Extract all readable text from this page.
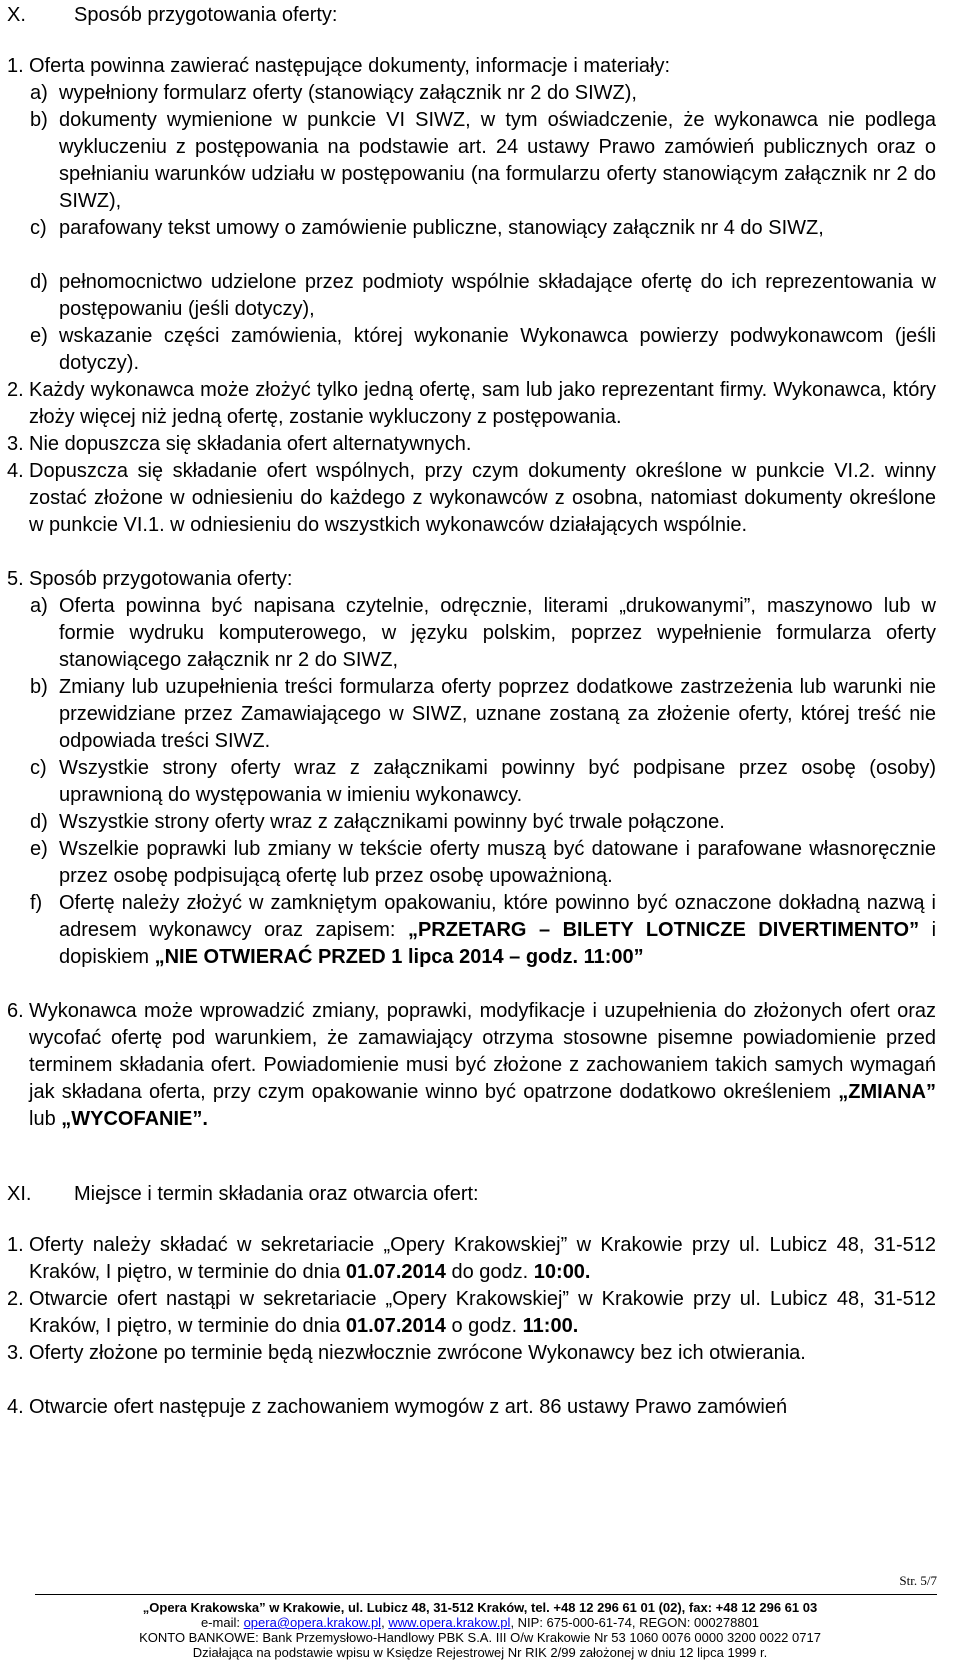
X. Sposób przygotowania oferty:
1. Oferta powinna zawierać następujące dokumenty, informacje i materiały:
a) wypełniony formularz oferty (stanowiący załącznik nr 2 do SIWZ),
b) dokumenty wymienione w punkcie VI SIWZ, w tym oświadczenie, że wykonawca nie podlega wykluczeniu z postępowania na podstawie art. 24 ustawy Prawo zamówień publicznych oraz o spełnianiu warunków udziału w postępowaniu (na formularzu oferty stanowiącym załącznik nr 2 do SIWZ),
c) parafowany tekst umowy o zamówienie publiczne, stanowiący załącznik nr 4 do SIWZ,
d) pełnomocnictwo udzielone przez podmioty wspólnie składające ofertę do ich reprezentowania w postępowaniu (jeśli dotyczy),
e) wskazanie części zamówienia, której wykonanie Wykonawca powierzy podwykonawcom (jeśli dotyczy).
2. Każdy wykonawca może złożyć tylko jedną ofertę, sam lub jako reprezentant firmy. Wykonawca, który złoży więcej niż jedną ofertę, zostanie wykluczony z postępowania.
3. Nie dopuszcza się składania ofert alternatywnych.
4. Dopuszcza się składanie ofert wspólnych, przy czym dokumenty określone w punkcie VI.2. winny zostać złożone w odniesieniu do każdego z wykonawców z osobna, natomiast dokumenty określone w punkcie VI.1. w odniesieniu do wszystkich wykonawców działających wspólnie.
5. Sposób przygotowania oferty:
a) Oferta powinna być napisana czytelnie, odręcznie, literami „drukowanymi”, maszynowo lub w formie wydruku komputerowego, w języku polskim, poprzez wypełnienie formularza oferty stanowiącego załącznik nr 2 do SIWZ,
b) Zmiany lub uzupełnienia treści formularza oferty poprzez dodatkowe zastrzeżenia lub warunki nie przewidziane przez Zamawiającego w SIWZ, uznane zostaną za złożenie oferty, której treść nie odpowiada treści SIWZ.
c) Wszystkie strony oferty wraz z załącznikami powinny być podpisane przez osobę (osoby) uprawnioną do występowania w imieniu wykonawcy.
d) Wszystkie strony oferty wraz z załącznikami powinny być trwale połączone.
e) Wszelkie poprawki lub zmiany w tekście oferty muszą być datowane i parafowane własnoręcznie przez osobę podpisującą ofertę lub przez osobę upoważnioną.
f) Ofertę należy złożyć w zamkniętym opakowaniu, które powinno być oznaczone dokładną nazwą i adresem wykonawcy oraz zapisem: „PRZETARG – BILETY LOTNICZE DIVERTIMENTO” i dopiskiem „NIE OTWIERAĆ PRZED 1 lipca 2014 – godz. 11:00”
6. Wykonawca może wprowadzić zmiany, poprawki, modyfikacje i uzupełnienia do złożonych ofert oraz wycofać ofertę pod warunkiem, że zamawiający otrzyma stosowne pisemne powiadomienie przed terminem składania ofert. Powiadomienie musi być złożone z zachowaniem takich samych wymagań jak składana oferta, przy czym opakowanie winno być opatrzone dodatkowo określeniem „ZMIANA” lub „WYCOFANIE”.
XI. Miejsce i termin składania oraz otwarcia ofert:
1. Oferty należy składać w sekretariacie „Opery Krakowskiej” w Krakowie przy ul. Lubicz 48, 31-512 Kraków, I piętro, w terminie do dnia 01.07.2014 do godz. 10:00.
2. Otwarcie ofert nastąpi w sekretariacie „Opery Krakowskiej” w Krakowie przy ul. Lubicz 48, 31-512 Kraków, I piętro, w terminie do dnia 01.07.2014 o godz. 11:00.
3. Oferty złożone po terminie będą niezwłocznie zwrócone Wykonawcy bez ich otwierania.
4. Otwarcie ofert następuje z zachowaniem wymogów z art. 86 ustawy Prawo zamówień
Str. 5/7
„Opera Krakowska” w Krakowie, ul. Lubicz 48, 31-512 Kraków, tel. +48 12 296 61 01 (02), fax: +48 12 296 61 03
e-mail: opera@opera.krakow.pl, www.opera.krakow.pl, NIP: 675-000-61-74, REGON: 000278801
KONTO BANKOWE: Bank Przemysłowo-Handlowy PBK S.A. III O/w Krakowie Nr 53 1060 0076 0000 3200 0022 0717
Działająca na podstawie wpisu w Księdze Rejestrowej Nr RIK 2/99 założonej w dniu 12 lipca 1999 r.
